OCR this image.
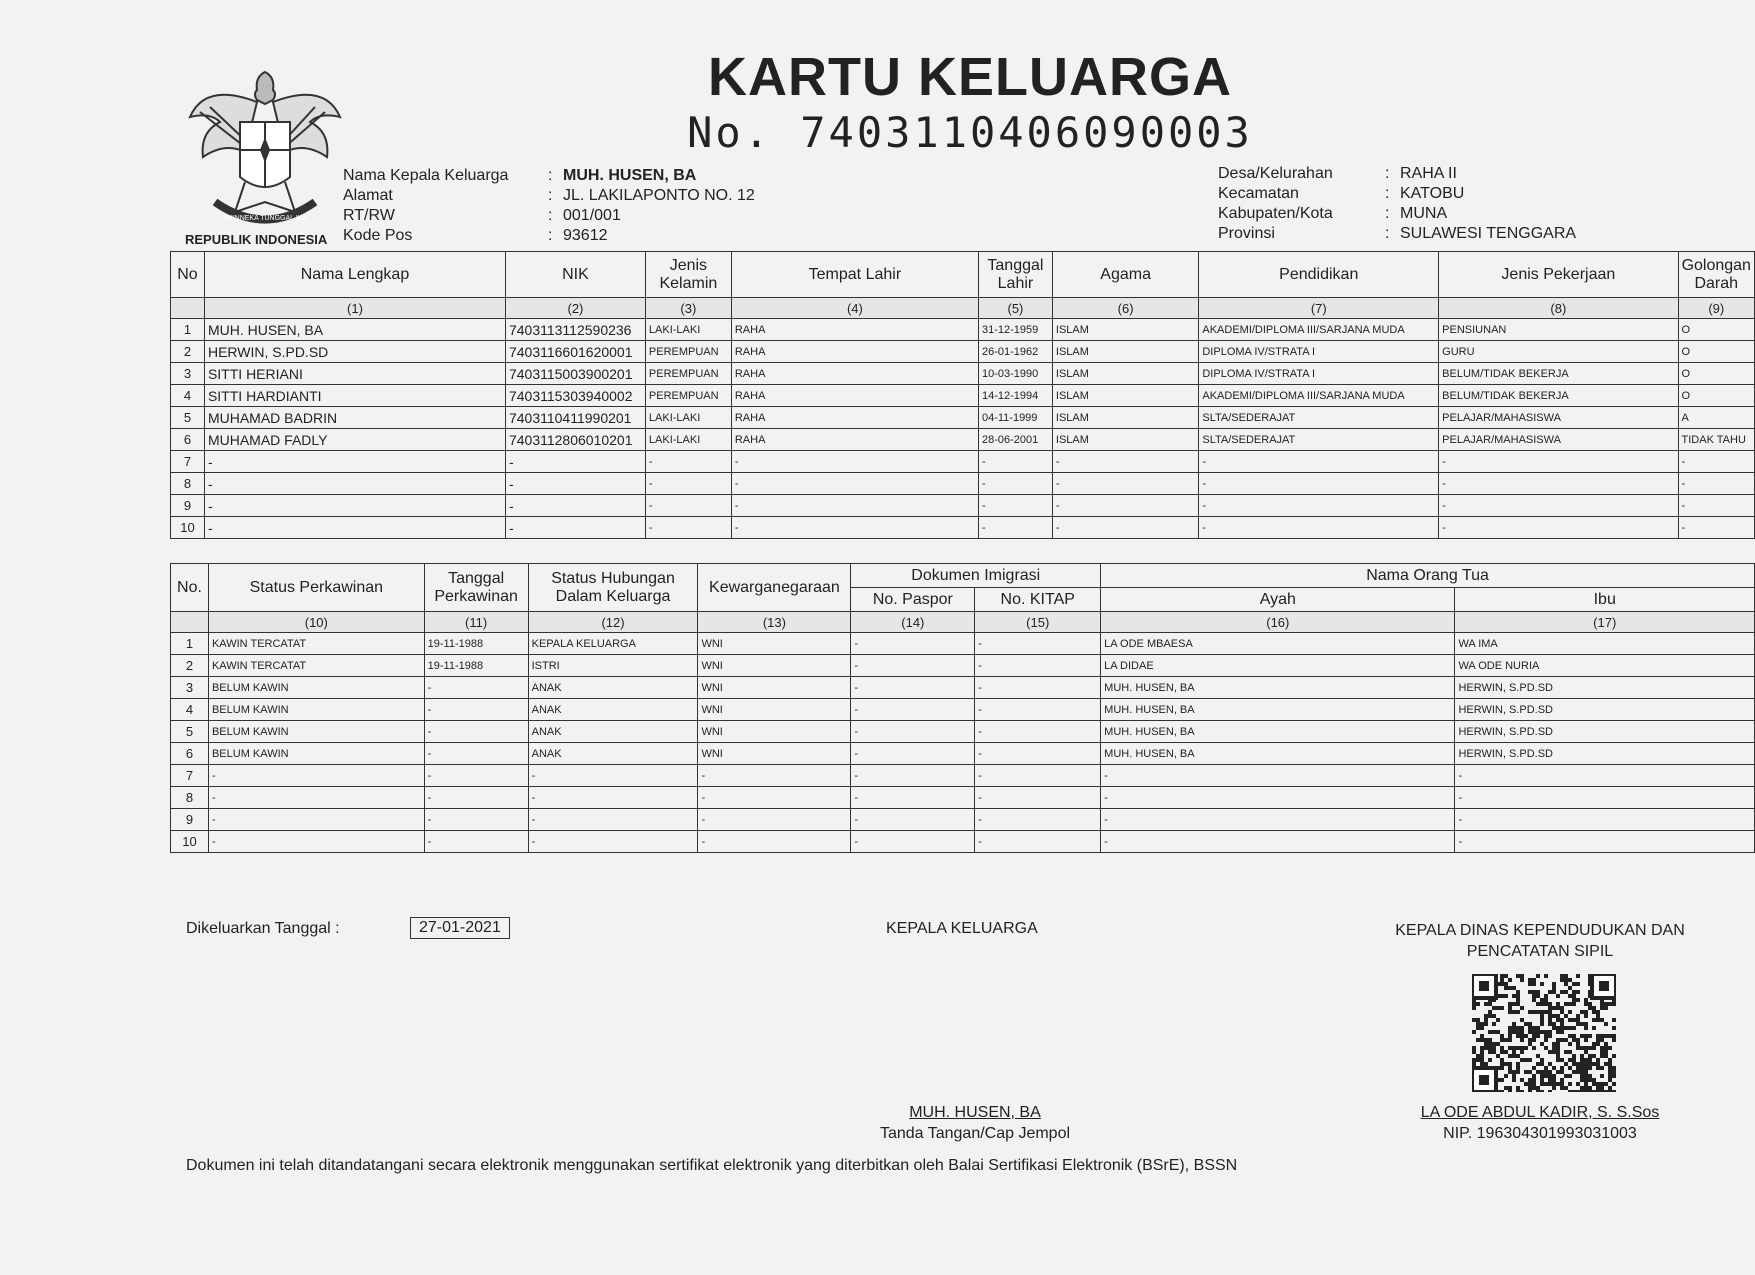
BHINNEKA TUNGGAL IKA
REPUBLIK INDONESIA
KARTU KELUARGA
No. 7403110406090003
Nama Kepala Keluarga	: MUH. HUSEN, BA
Alamat	: JL. LAKILAPONTO NO. 12
RT/RW	: 001/001
Kode Pos	: 93612
Desa/Kelurahan	: RAHA II
Kecamatan	: KATOBU
Kabupaten/Kota	: MUNA
Provinsi	: SULAWESI TENGGARA
No	Nama Lengkap	NIK	Jenis Kelamin	Tempat Lahir	Tanggal Lahir	Agama	Pendidikan	Jenis Pekerjaan	Golongan Darah
	(1)	(2)	(3)	(4)	(5)	(6)	(7)	(8)	(9)
1	MUH. HUSEN, BA	7403113112590236	LAKI-LAKI	RAHA	31-12-1959	ISLAM	AKADEMI/DIPLOMA III/SARJANA MUDA	PENSIUNAN	O
2	HERWIN, S.PD.SD	7403116601620001	PEREMPUAN	RAHA	26-01-1962	ISLAM	DIPLOMA IV/STRATA I	GURU	O
3	SITTI HERIANI	7403115003900201	PEREMPUAN	RAHA	10-03-1990	ISLAM	DIPLOMA IV/STRATA I	BELUM/TIDAK BEKERJA	O
4	SITTI HARDIANTI	7403115303940002	PEREMPUAN	RAHA	14-12-1994	ISLAM	AKADEMI/DIPLOMA III/SARJANA MUDA	BELUM/TIDAK BEKERJA	O
5	MUHAMAD BADRIN	7403110411990201	LAKI-LAKI	RAHA	04-11-1999	ISLAM	SLTA/SEDERAJAT	PELAJAR/MAHASISWA	A
6	MUHAMAD FADLY	7403112806010201	LAKI-LAKI	RAHA	28-06-2001	ISLAM	SLTA/SEDERAJAT	PELAJAR/MAHASISWA	TIDAK TAHU
7	-	-	-	-	-	-	-	-	-
8	-	-	-	-	-	-	-	-	-
9	-	-	-	-	-	-	-	-	-
10	-	-	-	-	-	-	-	-	-
No.	Status Perkawinan	Tanggal Perkawinan	Status Hubungan Dalam Keluarga	Kewarganegaraan	Dokumen Imigrasi		Nama Orang Tua	
					No. Paspor	No. KITAP	Ayah	Ibu
	(10)	(11)	(12)	(13)	(14)	(15)	(16)	(17)
1	KAWIN TERCATAT	19-11-1988	KEPALA KELUARGA	WNI	-	-	LA ODE MBAESA	WA IMA
2	KAWIN TERCATAT	19-11-1988	ISTRI	WNI	-	-	LA DIDAE	WA ODE NURIA
3	BELUM KAWIN	-	ANAK	WNI	-	-	MUH. HUSEN, BA	HERWIN, S.PD.SD
4	BELUM KAWIN	-	ANAK	WNI	-	-	MUH. HUSEN, BA	HERWIN, S.PD.SD
5	BELUM KAWIN	-	ANAK	WNI	-	-	MUH. HUSEN, BA	HERWIN, S.PD.SD
6	BELUM KAWIN	-	ANAK	WNI	-	-	MUH. HUSEN, BA	HERWIN, S.PD.SD
7	-	-	-	-	-	-	-	-
8	-	-	-	-	-	-	-	-
9	-	-	-	-	-	-	-	-
10	-	-	-	-	-	-	-	-
Dikeluarkan Tanggal :	27-01-2021	KEPALA KELUARGA	KEPALA DINAS KEPENDUDUKAN DAN PENCATATAN SIPIL
MUH. HUSEN, BA
Tanda Tangan/Cap Jempol
LA ODE ABDUL KADIR, S. S.Sos
NIP. 196304301993031003
Dokumen ini telah ditandatangani secara elektronik menggunakan sertifikat elektronik yang diterbitkan oleh Balai Sertifikasi Elektronik (BSrE), BSSN
